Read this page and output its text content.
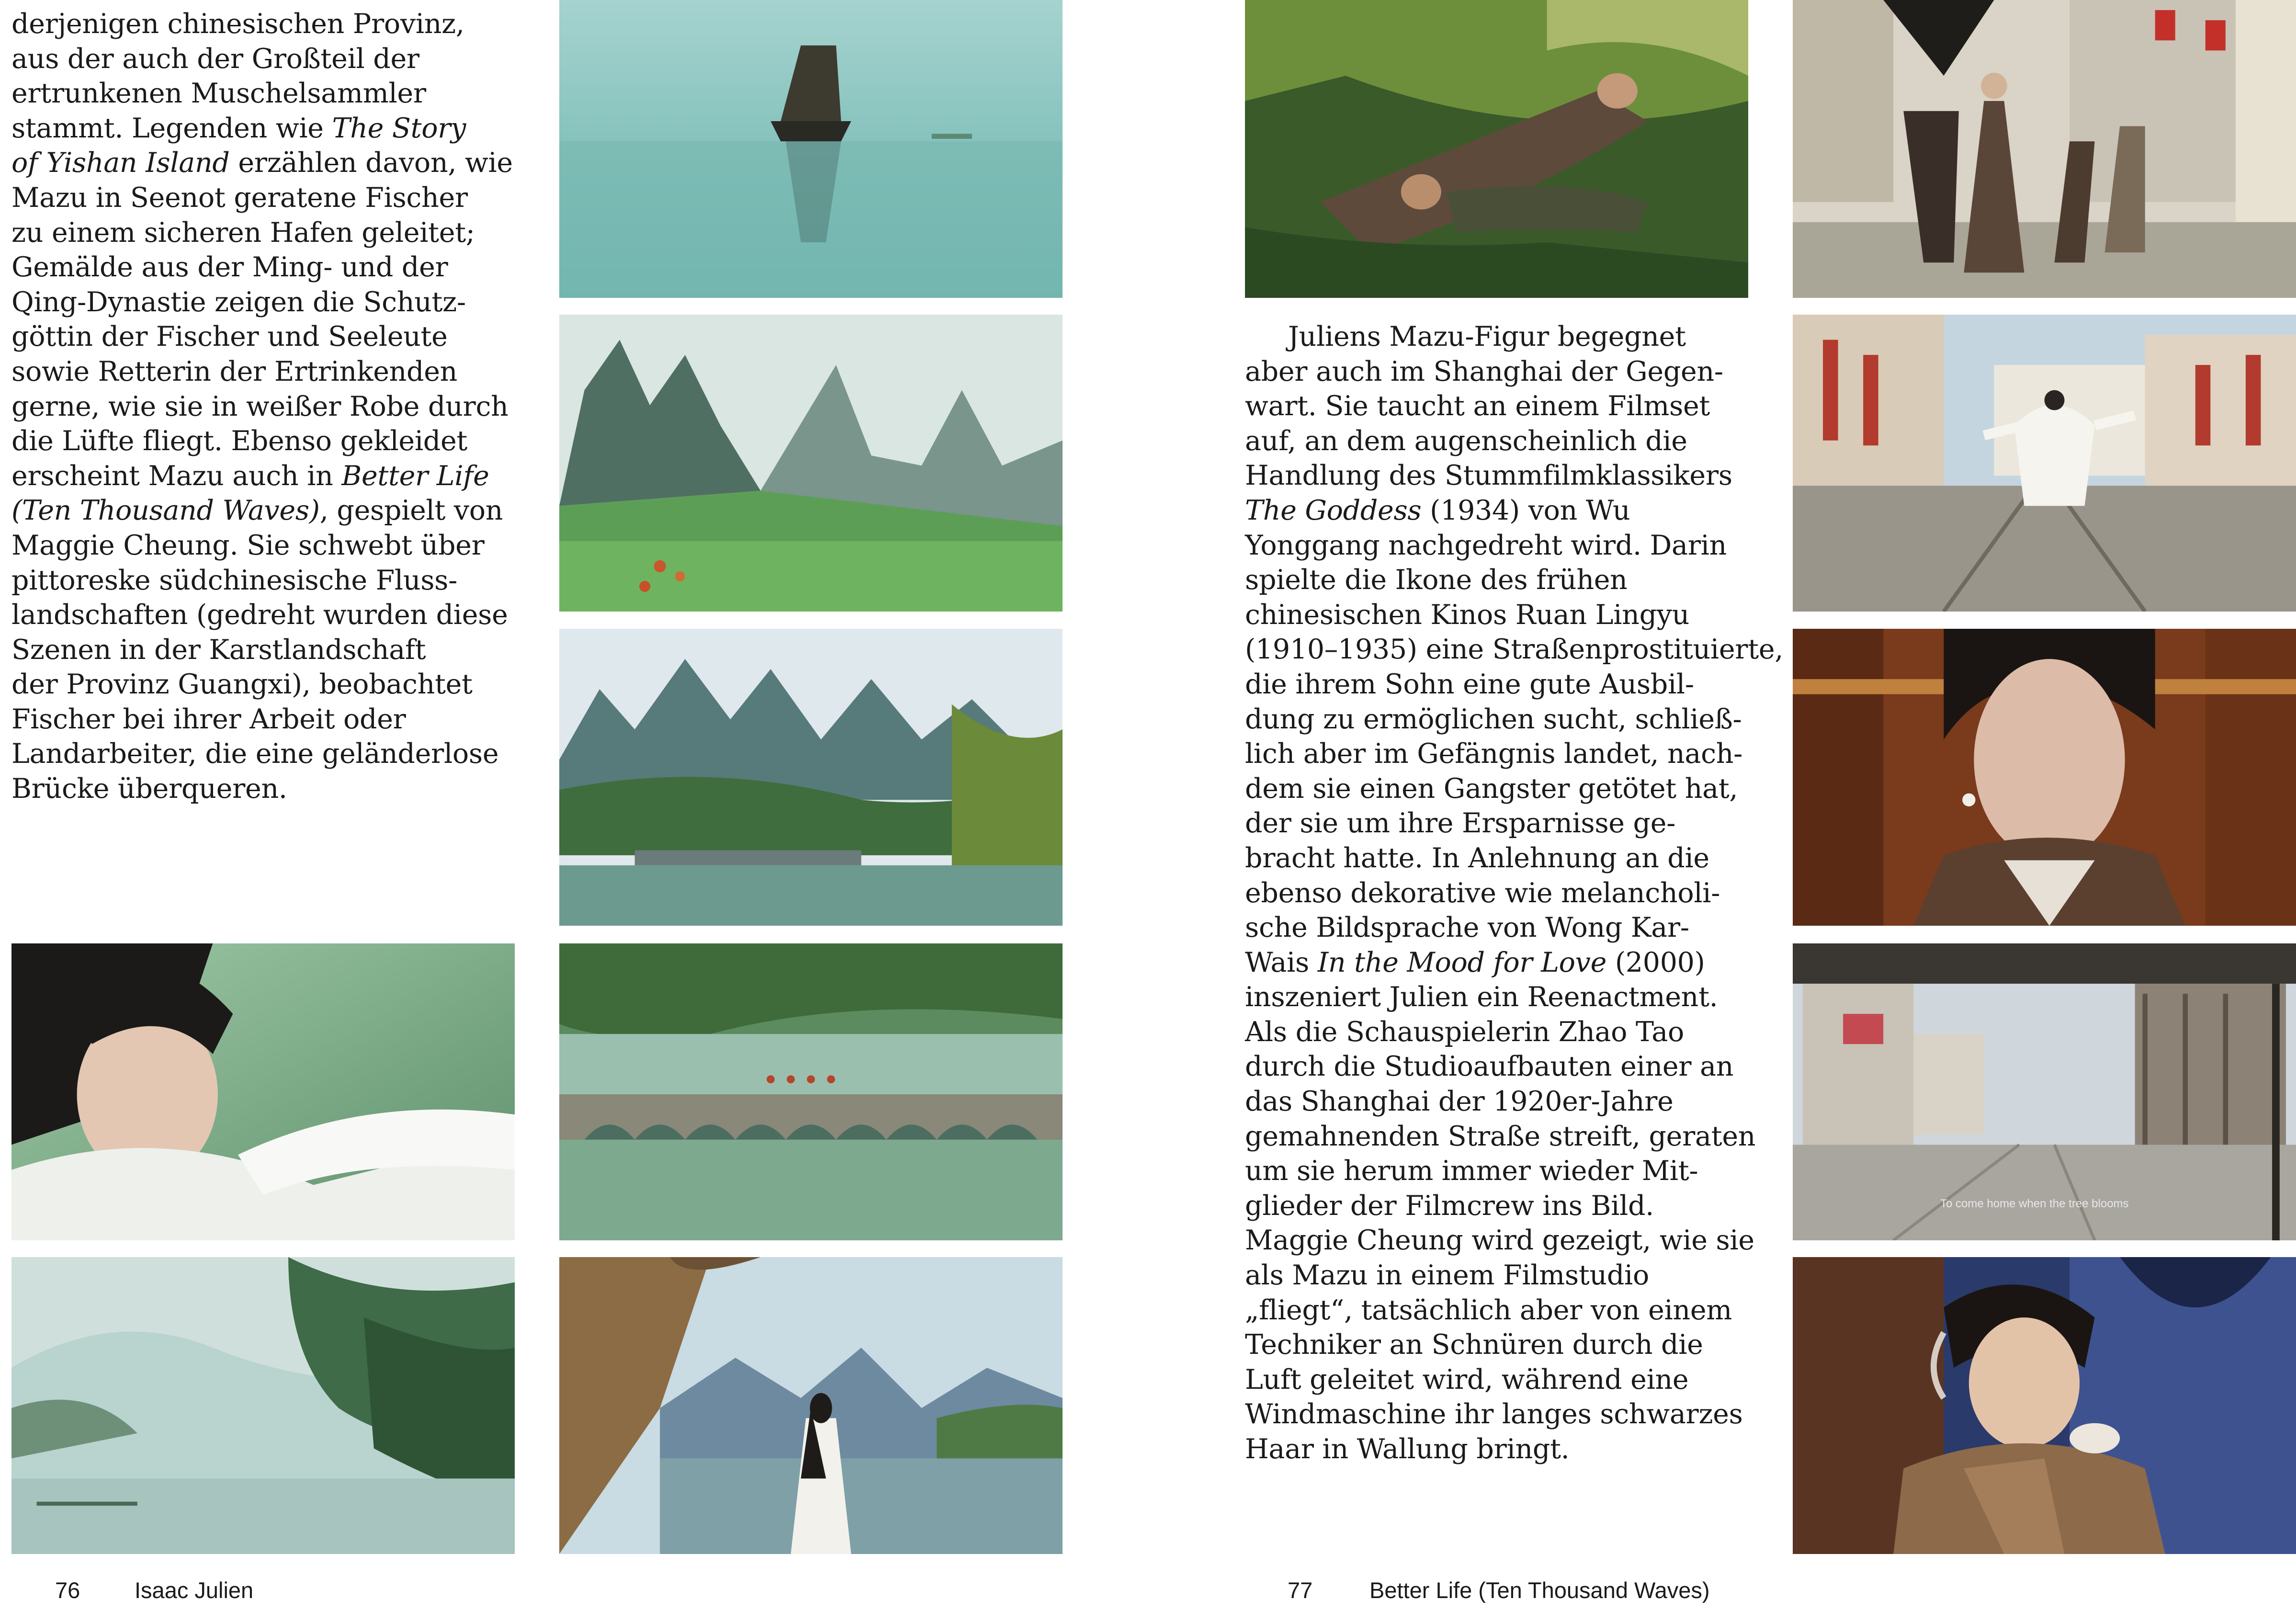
derjenigen chinesischen Provinz,
aus der auch der Großteil der
ertrunkenen Muschelsammler
stammt. Legenden wie The Story
of Yishan Island erzählen davon, wie
Mazu in Seenot geratene Fischer
zu einem sicheren Hafen geleitet;
Gemälde aus der Ming- und der
Qing-Dynastie zeigen die Schutz-
göttin der Fischer und Seeleute
sowie Retterin der Ertrinkenden
gerne, wie sie in weißer Robe durch
die Lüfte fliegt. Ebenso gekleidet
erscheint Mazu auch in Better Life
(Ten Thousand Waves), gespielt von
Maggie Cheung. Sie schwebt über
pittoreske südchinesische Fluss-
landschaften (gedreht wurden diese
Szenen in der Karstlandschaft
der Provinz Guangxi), beobachtet
Fischer bei ihrer Arbeit oder
Landarbeiter, die eine geländerlose
Brücke überqueren.
Juliens Mazu-Figur begegnet
aber auch im Shanghai der Gegen-
wart. Sie taucht an einem Filmset
auf, an dem augenscheinlich die
Handlung des Stummfilmklassikers
The Goddess (1934) von Wu
Yonggang nachgedreht wird. Darin
spielte die Ikone des frühen
chinesischen Kinos Ruan Lingyu
(1910–1935) eine Straßenprostituierte,
die ihrem Sohn eine gute Ausbil-
dung zu ermöglichen sucht, schließ-
lich aber im Gefängnis landet, nach-
dem sie einen Gangster getötet hat,
der sie um ihre Ersparnisse ge-
bracht hatte. In Anlehnung an die
ebenso dekorative wie melancholi-
sche Bildsprache von Wong Kar-
Wais In the Mood for Love (2000)
inszeniert Julien ein Reenactment.
Als die Schauspielerin Zhao Tao
durch die Studioaufbauten einer an
das Shanghai der 1920er-Jahre
gemahnenden Straße streift, geraten
um sie herum immer wieder Mit-
glieder der Filmcrew ins Bild.
Maggie Cheung wird gezeigt, wie sie
als Mazu in einem Filmstudio
„fliegt“, tatsächlich aber von einem
Techniker an Schnüren durch die
Luft geleitet wird, während eine
Windmaschine ihr langes schwarzes
Haar in Wallung bringt.
To come home when the tree blooms
76 Isaac Julien	77	Better Life (Ten Thousand Waves)
